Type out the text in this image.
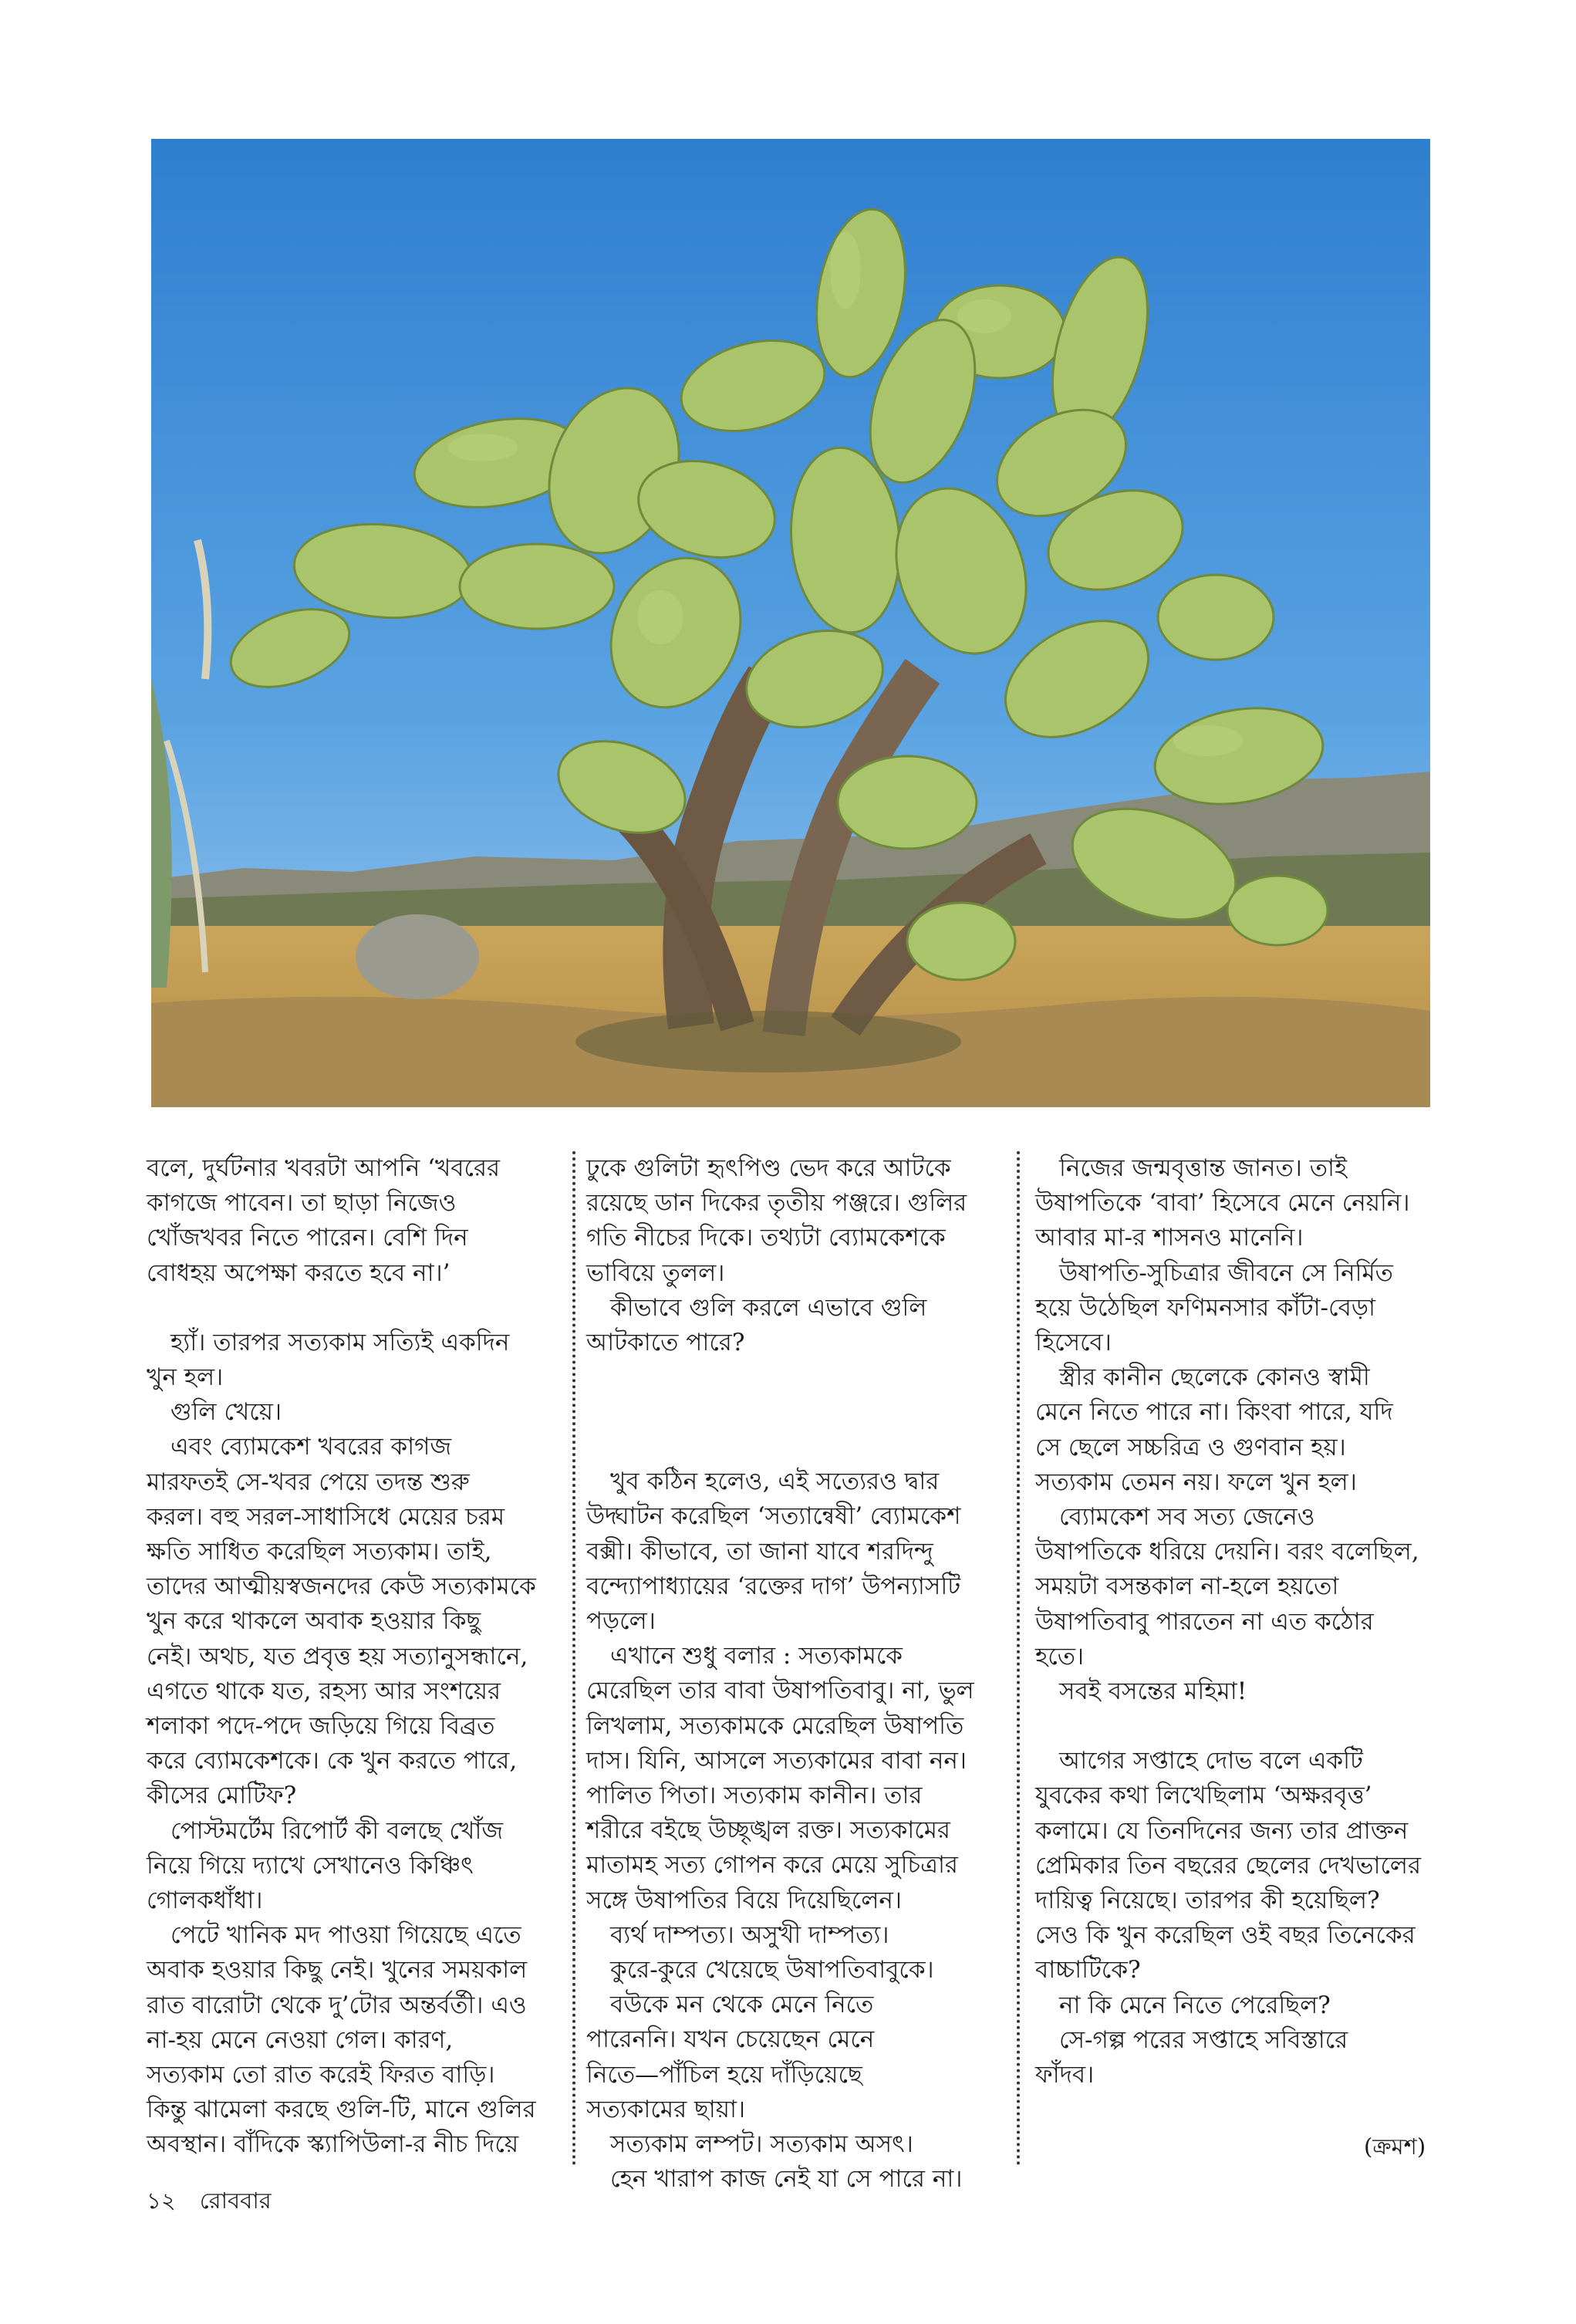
বলে, দুর্ঘটনার খবরটা আপনি ‘খবরের
কাগজে পাবেন। তা ছাড়া নিজেও
খোঁজখবর নিতে পারেন। বেশি দিন
বোধহয় অপেক্ষা করতে হবে না।’
 হ্যাঁ। তারপর সত্যকাম সত্যিই একদিন
খুন হল।
 গুলি খেয়ে।
 এবং ব্যোমকেশ খবরের কাগজ
মারফতই সে-খবর পেয়ে তদন্ত শুরু
করল। বহু সরল-সাধাসিধে মেয়ের চরম
ক্ষতি সাধিত করেছিল সত্যকাম। তাই,
তাদের আত্মীয়স্বজনদের কেউ সত্যকামকে
খুন করে থাকলে অবাক হওয়ার কিছু
নেই। অথচ, যত প্রবৃত্ত হয় সত্যানুসন্ধানে,
এগতে থাকে যত, রহস্য আর সংশয়ের
শলাকা পদে-পদে জড়িয়ে গিয়ে বিব্রত
করে ব্যোমকেশকে। কে খুন করতে পারে,
কীসের মোটিফ?
 পোস্টমর্টেম রিপোর্ট কী বলছে খোঁজ
নিয়ে গিয়ে দ্যাখে সেখানেও কিঞ্চিৎ
গোলকধাঁধা।
 পেটে খানিক মদ পাওয়া গিয়েছে এতে
অবাক হওয়ার কিছু নেই। খুনের সময়কাল
রাত বারোটা থেকে দু’টোর অন্তর্বর্তী। এও
না-হয় মেনে নেওয়া গেল। কারণ,
সত্যকাম তো রাত করেই ফিরত বাড়ি।
কিন্তু ঝামেলা করছে গুলি-টি, মানে গুলির
অবস্থান। বাঁদিকে স্ক্যাপিউলা-র নীচ দিয়ে
ঢুকে গুলিটা হৃৎপিণ্ড ভেদ করে আটকে
রয়েছে ডান দিকের তৃতীয় পঞ্জরে। গুলির
গতি নীচের দিকে। তথ্যটা ব্যোমকেশকে
ভাবিয়ে তুলল।
 কীভাবে গুলি করলে এভাবে গুলি
আটকাতে পারে?
 খুব কঠিন হলেও, এই সত্যেরও দ্বার
উদ্ঘাটন করেছিল ‘সত্যান্বেষী’ ব্যোমকেশ
বক্সী। কীভাবে, তা জানা যাবে শরদিন্দু
বন্দ্যোপাধ্যায়ের ‘রক্তের দাগ’ উপন্যাসটি
পড়লে।
 এখানে শুধু বলার : সত্যকামকে
মেরেছিল তার বাবা উষাপতিবাবু। না, ভুল
লিখলাম, সত্যকামকে মেরেছিল উষাপতি
দাস। যিনি, আসলে সত্যকামের বাবা নন।
পালিত পিতা। সত্যকাম কানীন। তার
শরীরে বইছে উচ্ছৃঙ্খল রক্ত। সত্যকামের
মাতামহ সত্য গোপন করে মেয়ে সুচিত্রার
সঙ্গে উষাপতির বিয়ে দিয়েছিলেন।
 ব্যর্থ দাম্পত্য। অসুখী দাম্পত্য।
 কুরে-কুরে খেয়েছে উষাপতিবাবুকে।
 বউকে মন থেকে মেনে নিতে
পারেননি। যখন চেয়েছেন মেনে
নিতে—পাঁচিল হয়ে দাঁড়িয়েছে
সত্যকামের ছায়া।
 সত্যকাম লম্পট। সত্যকাম অসৎ।
 হেন খারাপ কাজ নেই যা সে পারে না।
 নিজের জন্মবৃত্তান্ত জানত। তাই
উষাপতিকে ‘বাবা’ হিসেবে মেনে নেয়নি।
আবার মা-র শাসনও মানেনি।
 উষাপতি-সুচিত্রার জীবনে সে নির্মিত
হয়ে উঠেছিল ফণিমনসার কাঁটা-বেড়া
হিসেবে।
 স্ত্রীর কানীন ছেলেকে কোনও স্বামী
মেনে নিতে পারে না। কিংবা পারে, যদি
সে ছেলে সচ্চরিত্র ও গুণবান হয়।
সত্যকাম তেমন নয়। ফলে খুন হল।
 ব্যোমকেশ সব সত্য জেনেও
উষাপতিকে ধরিয়ে দেয়নি। বরং বলেছিল,
সময়টা বসন্তকাল না-হলে হয়তো
উষাপতিবাবু পারতেন না এত কঠোর
হতে।
 সবই বসন্তের মহিমা!
 আগের সপ্তাহে দোভ বলে একটি
যুবকের কথা লিখেছিলাম ‘অক্ষরবৃত্ত’
কলামে। যে তিনদিনের জন্য তার প্রাক্তন
প্রেমিকার তিন বছরের ছেলের দেখভালের
দায়িত্ব নিয়েছে। তারপর কী হয়েছিল?
সেও কি খুন করেছিল ওই বছর তিনেকের
বাচ্চাটিকে?
 না কি মেনে নিতে পেরেছিল?
 সে-গল্প পরের সপ্তাহে সবিস্তারে
ফাঁদব।
(ক্রমশ)
১২ রোববার
